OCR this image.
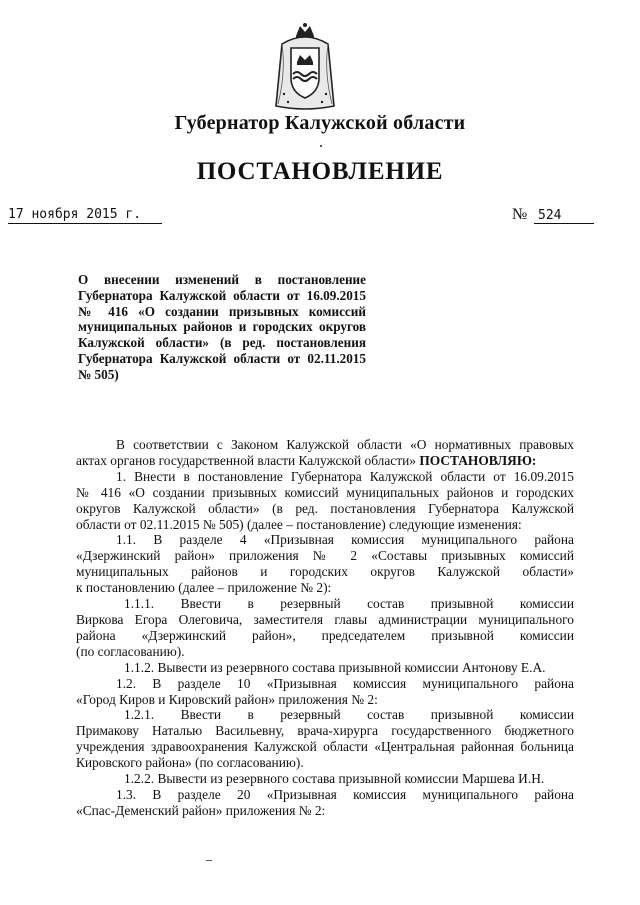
Губернатор Калужской области
ПОСТАНОВЛЕНИЕ
17 ноября 2015 г.	№ 524
О внесении изменений в постановление
Губернатора Калужской области от 16.09.2015
№ 416 «О создании призывных комиссий
муниципальных районов и городских округов
Калужской области» (в ред. постановления
Губернатора Калужской области от 02.11.2015
№ 505)
В соответствии с Законом Калужской области «О нормативных правовых
актах органов государственной власти Калужской области» ПОСТАНОВЛЯЮ:
1. Внести в постановление Губернатора Калужской области от 16.09.2015
№ 416 «О создании призывных комиссий муниципальных районов и городских
округов Калужской области» (в ред. постановления Губернатора Калужской
области от 02.11.2015 № 505) (далее – постановление) следующие изменения:
1.1. В разделе 4 «Призывная комиссия муниципального района
«Дзержинский район» приложения № 2 «Составы призывных комиссий
муниципальных районов и городских округов Калужской области»
к постановлению (далее – приложение № 2):
1.1.1. Ввести в резервный состав призывной комиссии
Виркова Егора Олеговича, заместителя главы администрации муниципального
района «Дзержинский район», председателем призывной комиссии
(по согласованию).
1.1.2. Вывести из резервного состава призывной комиссии Антонову Е.А.
1.2. В разделе 10 «Призывная комиссия муниципального района
«Город Киров и Кировский район» приложения № 2:
1.2.1. Ввести в резервный состав призывной комиссии
Примакову Наталью Васильевну, врача-хирурга государственного бюджетного
учреждения здравоохранения Калужской области «Центральная районная больница
Кировского района» (по согласованию).
1.2.2. Вывести из резервного состава призывной комиссии Маршева И.Н.
1.3. В разделе 20 «Призывная комиссия муниципального района
«Спас-Деменский район» приложения № 2:
